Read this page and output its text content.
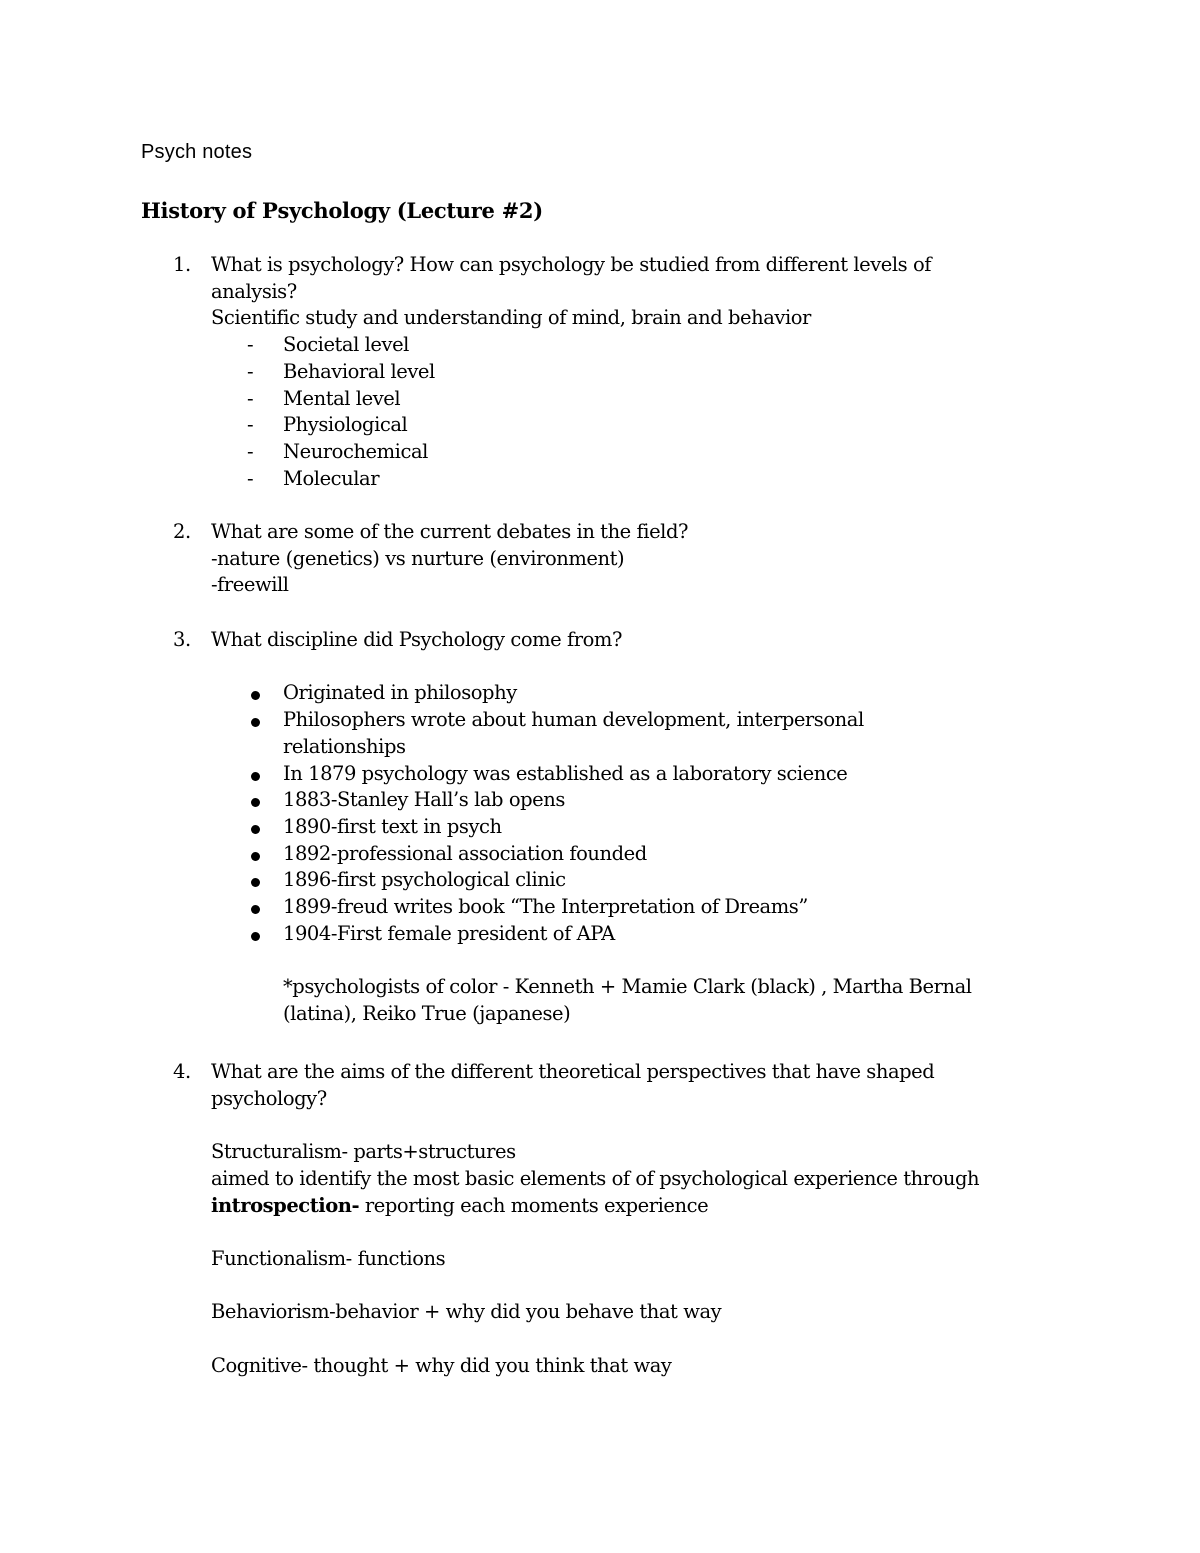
Psych notes
History of Psychology (Lecture #2)
1. What is psychology? How can psychology be studied from different levels of
analysis?
Scientific study and understanding of mind, brain and behavior
- Societal level
- Behavioral level
- Mental level
- Physiological
- Neurochemical
- Molecular
2. What are some of the current debates in the field?
-nature (genetics) vs nurture (environment)
-freewill
3. What discipline did Psychology come from?
Originated in philosophy
Philosophers wrote about human development, interpersonal
relationships
In 1879 psychology was established as a laboratory science
1883-Stanley Hall’s lab opens
1890-first text in psych
1892-professional association founded
1896-first psychological clinic
1899-freud writes book “The Interpretation of Dreams”
1904-First female president of APA
*psychologists of color - Kenneth + Mamie Clark (black) , Martha Bernal
(latina), Reiko True (japanese)
4. What are the aims of the different theoretical perspectives that have shaped
psychology?
Structuralism- parts+structures
aimed to identify the most basic elements of of psychological experience through
introspection- reporting each moments experience
Functionalism- functions
Behaviorism-behavior + why did you behave that way
Cognitive- thought + why did you think that way
